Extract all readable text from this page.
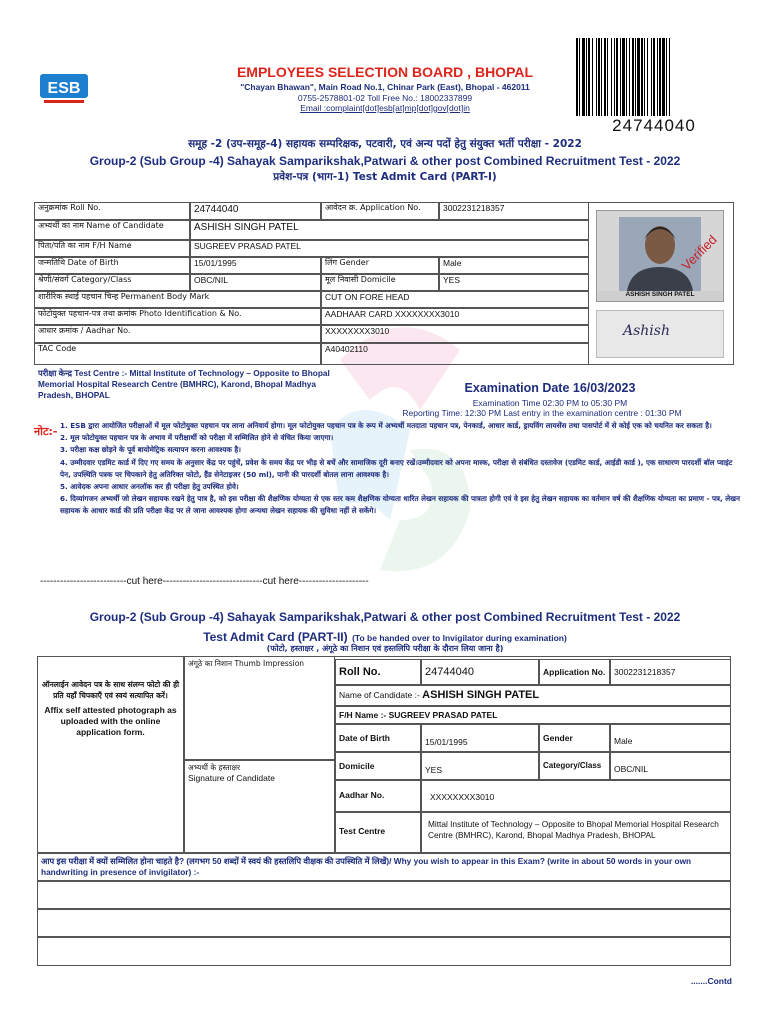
ESB
EMPLOYEES SELECTION BOARD , BHOPAL
"Chayan Bhawan", Main Road No.1, Chinar Park (East), Bhopal - 462011
0755-2578801-02 Toll Free No.: 18002337899
Email :complaint[dot]esb[at]mp[dot]gov[dot]in
24744040
समूह -2 (उप-समूह-4) सहायक सम्परिक्षक, पटवारी, एवं अन्य पदों हेतु संयुक्त भर्ती परीक्षा - 2022
Group-2 (Sub Group -4) Sahayak Samparikshak,Patwari & other post Combined Recruitment Test - 2022
प्रवेश-पत्र (भाग-1) Test Admit Card (PART-I)
अनुक्रमांक Roll No.	24744040	आवेदन क्र. Application No.	3002231218357
अभ्यर्थी का नाम Name of Candidate	ASHISH SINGH PATEL
पिता/पति का नाम F/H Name	SUGREEV PRASAD PATEL
जन्मतिथि Date of Birth	15/01/1995	लिंग Gender	Male
श्रेणी/संवर्ग Category/Class	OBC/NIL	मूल निवासी Domicile	YES
शारीरिक स्थाई पहचान चिन्ह Permanent Body Mark	CUT ON FORE HEAD
फोटोयुक्त पहचान-पत्र तथा क्रमांक Photo Identification & No.	AADHAAR CARD XXXXXXXX3010
आधार क्रमांक / Aadhar No.	XXXXXXXX3010
TAC Code	A40402110
Verified
ASHISH SINGH PATEL
Ashish
परीक्षा केन्द्र Test Centre :- Mittal Institute of Technology – Opposite to Bhopal Memorial Hospital Research Centre (BMHRC), Karond, Bhopal Madhya Pradesh, BHOPAL	Examination Date 16/03/2023
Examination Time 02:30 PM to 05:30 PM
Reporting Time: 12:30 PM Last entry in the examination centre : 01:30 PM
नोट:- 1. ESB द्वारा आयोजित परीक्षाओं में मूल फोटोयुक्त पहचान पत्र लाना अनिवार्य होगा। मूल फोटोयुक्त पहचान पत्र के रूप में अभ्यर्थी मतदाता पहचान पत्र, पेनकार्ड, आधार कार्ड, ड्रायविंग लायसेंस तथा पासपोर्ट में से कोई एक को चयनित कर सकता है।
2. मूल फोटोयुक्त पहचान पत्र के अभाव में परीक्षार्थी को परीक्षा में सम्मिलित होने से वंचित किया जाएगा।
3. परीक्षा कक्ष छोड़ने के पूर्व बायोमेट्रिक सत्यापन करना आवश्यक है।
4. उम्मीदवार एडमिट कार्ड में दिए गए समय के अनुसार केंद्र पर पहुंचें, प्रवेश के समय केंद्र पर भीड़ से बचें और सामाजिक दूरी बनाए रखें।उम्मीदवार को अपना मास्क, परीक्षा से संबंधित दस्तावेज (एडमिट कार्ड, आईडी कार्ड ), एक साधारण पारदर्शी बॉल प्वाइंट पेन, उपस्थिति पत्रक पर चिपकाने हेतु अतिरिक्त फोटो, हैंड सेनेटाइजर (50 ml), पानी की पारदर्शी बोतल लाना आवश्यक है।
5. आवेदक अपना आधार अनलॉक कर ही परीक्षा हेतु उपस्थित होवे।
6. दिव्यांगजन अभ्यर्थी जो लेखन सहायक रखने हेतु पात्र है, को इस परीक्षा की शैक्षणिक योग्यता से एक स्तर कम शैक्षणिक योग्यता धारित लेखन सहायक की पात्रता होगी एवं वे इस हेतु लेखन सहायक का वर्तमान वर्ष की शैक्षणिक योग्यता का प्रमाण - पत्र, लेखन सहायक के आधार कार्ड की प्रति परीक्षा केंद्र पर ले जाना आवश्यक होगा अन्यथा लेखन सहायक की सुविधा नहीं ले सकेंगे।
--------------------------cut here------------------------------cut here---------------------
Group-2 (Sub Group -4) Sahayak Samparikshak,Patwari & other post Combined Recruitment Test - 2022
Test Admit Card (PART-II) (To be handed over to Invigilator during examination)
(फोटो, हस्ताक्षर , अंगूठे का निशान एवं हस्तलिपि परीक्षा के दौरान लिया जाना है)
ऑनलाईन आवेदन पत्र के साथ संलग्न फोटो की ही प्रति यहाँ चिपकाएँ एवं स्वयं सत्यापित करें।
Affix self attested photograph as uploaded with the online application form.
अंगूठे का निशान Thumb Impression
अभ्यर्थी के हस्ताक्षर
Signature of Candidate
Roll No.	24744040	Application No.	3002231218357
Name of Candidate :- ASHISH SINGH PATEL
F/H Name :- SUGREEV PRASAD PATEL
Date of Birth	15/01/1995	Gender	Male
Domicile	YES	Category/Class	OBC/NIL
Aadhar No.	XXXXXXXX3010
Test Centre
Mittal Institute of Technology – Opposite to Bhopal Memorial Hospital Research Centre (BMHRC), Karond, Bhopal Madhya Pradesh, BHOPAL
आप इस परीक्षा में क्यों सम्मिलित होना चाहते है? (लगभग 50 शब्दों में स्वयं की हस्तलिपि वीक्षक की उपस्थिति में लिखें)/ Why you wish to appear in this Exam? (write in about 50 words in your own handwriting in presence of invigilator) :-
.......Contd
